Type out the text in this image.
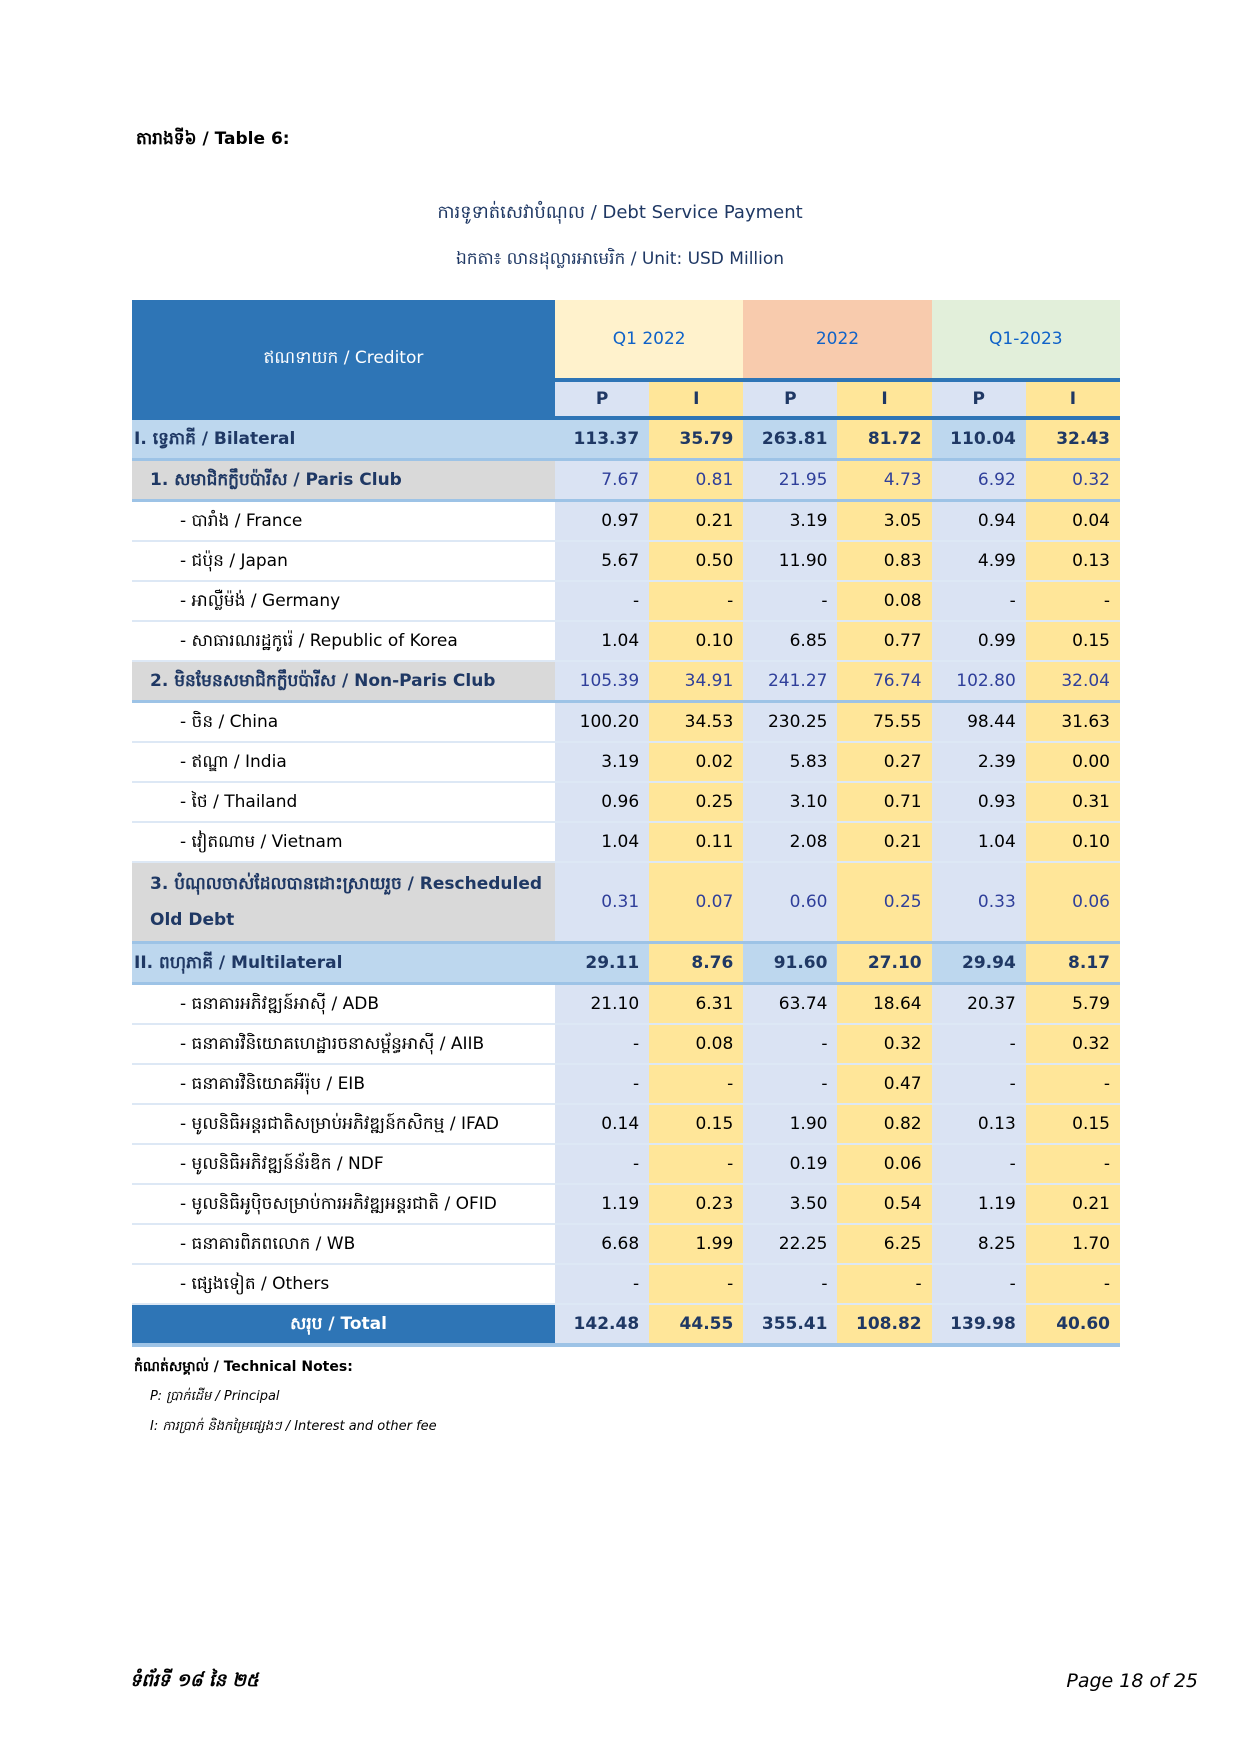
តារាងទី៦ / Table 6:
ការទូទាត់សេវាបំណុល / Debt Service Payment
ឯកតា៖ លានដុល្លារអាមេរិក / Unit: USD Million
ឥណទាយក / Creditor	Q1 2022		2022		Q1-2023	
	P	I	P	I	P	I
I. ទ្វេភាគី / Bilateral	113.37	35.79	263.81	81.72	110.04	32.43
1. សមាជិកក្លឹបប៉ារីស / Paris Club	7.67	0.81	21.95	4.73	6.92	0.32
- បារាំង / France	0.97	0.21	3.19	3.05	0.94	0.04
- ជប៉ុន / Japan	5.67	0.50	11.90	0.83	4.99	0.13
- អាល្លឺម៉ង់ / Germany	-	-	-	0.08	-	-
- សាធារណរដ្ឋកូរ៉េ / Republic of Korea	1.04	0.10	6.85	0.77	0.99	0.15
2. មិនមែនសមាជិកក្លឹបប៉ារីស / Non-Paris Club	105.39	34.91	241.27	76.74	102.80	32.04
- ចិន / China	100.20	34.53	230.25	75.55	98.44	31.63
- ឥណ្ឌា / India	3.19	0.02	5.83	0.27	2.39	0.00
- ថៃ / Thailand	0.96	0.25	3.10	0.71	0.93	0.31
- វៀតណាម / Vietnam	1.04	0.11	2.08	0.21	1.04	0.10
3. បំណុលចាស់ដែលបានដោះស្រាយរួច / Rescheduled Old Debt	0.31	0.07	0.60	0.25	0.33	0.06
II. ពហុភាគី / Multilateral	29.11	8.76	91.60	27.10	29.94	8.17
- ធនាគារអភិវឌ្ឍន៍អាស៊ី / ADB	21.10	6.31	63.74	18.64	20.37	5.79
- ធនាគារវិនិយោគហេដ្ឋារចនាសម្ព័ន្ធអាស៊ី / AIIB	-	0.08	-	0.32	-	0.32
- ធនាគារវិនិយោគអឺរ៉ុប / EIB	-	-	-	0.47	-	-
- មូលនិធិអន្តរជាតិសម្រាប់អភិវឌ្ឍន៍កសិកម្ម / IFAD	0.14	0.15	1.90	0.82	0.13	0.15
- មូលនិធិអភិវឌ្ឍន៍ន័រឌិក / NDF	-	-	0.19	0.06	-	-
- មូលនិធិអូប៉ិចសម្រាប់ការអភិវឌ្ឍអន្តរជាតិ / OFID	1.19	0.23	3.50	0.54	1.19	0.21
- ធនាគារពិភពលោក / WB	6.68	1.99	22.25	6.25	8.25	1.70
- ផ្សេងទៀត / Others	-	-	-	-	-	-
សរុប / Total	142.48	44.55	355.41	108.82	139.98	40.60
កំណត់សម្គាល់ / Technical Notes:
P: ប្រាក់ដើម / Principal
I: ការប្រាក់ និងកម្រៃផ្សេងៗ / Interest and other fee
ទំព័រទី ១៨ នៃ ២៥	Page 18 of 25
